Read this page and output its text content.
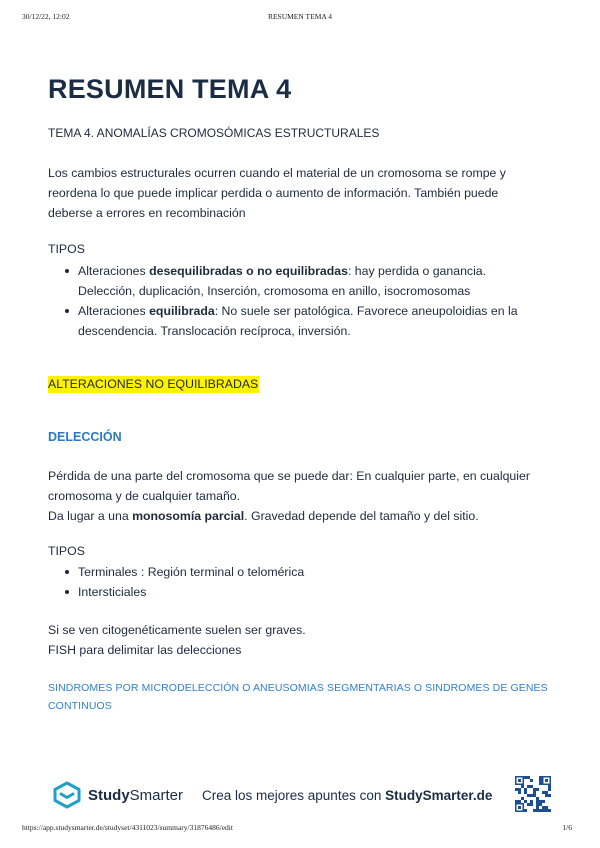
30/12/22, 12:02	RESUMEN TEMA 4
RESUMEN TEMA 4
TEMA 4. ANOMALÍAS CROMOSÓMICAS ESTRUCTURALES

Los cambios estructurales ocurren cuando el material de un cromosoma se rompe y
reordena lo que puede implicar perdida o aumento de información. También puede
deberse a errores en recombinación

TIPOS
Alteraciones desequilibradas o no equilibradas: hay perdida o ganancia.
Delección, duplicación, Inserción, cromosoma en anillo, isocromosomas
Alteraciones equilibrada: No suele ser patológica. Favorece aneupoloidias en la
descendencia. Translocación recíproca, inversión.
ALTERACIONES NO EQUILIBRADAS
DELECCIÓN

Pérdida de una parte del cromosoma que se puede dar: En cualquier parte, en cualquier
cromosoma y de cualquier tamaño.
Da lugar a una monosomía parcial. Gravedad depende del tamaño y del sitio.

TIPOS
Terminales : Región terminal o telomérica
Intersticiales

Si se ven citogenéticamente suelen ser graves.
FISH para delimitar las delecciones

SINDROMES POR MICRODELECCIÓN O ANEUSOMIAS SEGMENTARIAS O SINDROMES DE GENES
CONTINUOS
StudySmarter Crea los mejores apuntes con StudySmarter.de
https://app.studysmarter.de/studyset/4311023/summary/31876486/edit	1/6
